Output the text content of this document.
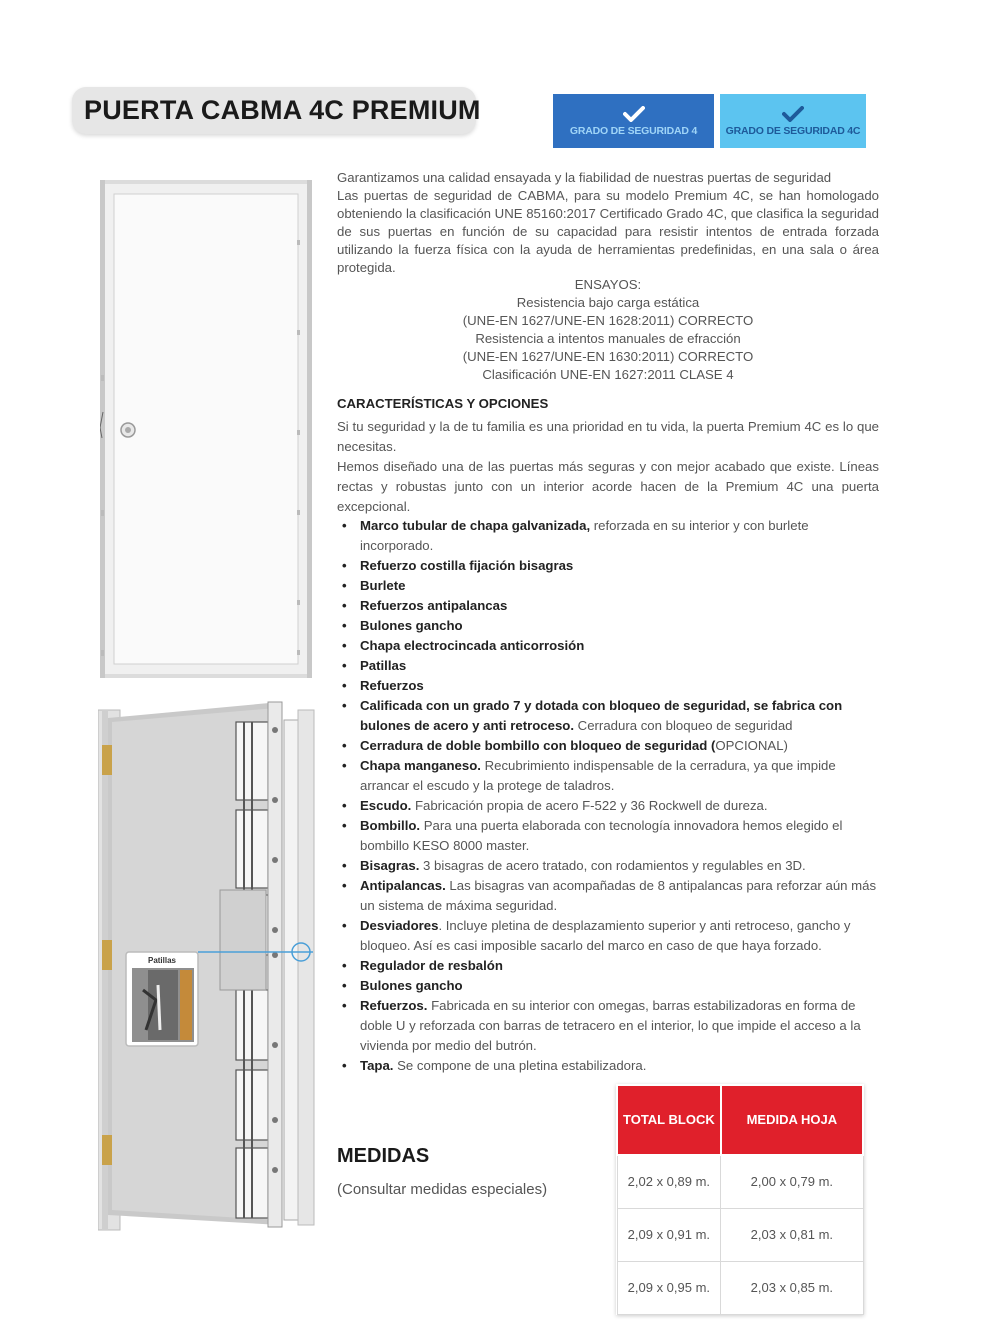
PUERTA CABMA 4C PREMIUM
GRADO DE SEGURIDAD 4	GRADO DE SEGURIDAD 4C
Patillas

Garantizamos una calidad ensayada y la fiabilidad de nuestras puertas de seguridad

Las puertas de seguridad de CABMA, para su modelo Premium 4C, se han homologado obteniendo la clasificación UNE 85160:2017 Certificado Grado 4C, que clasifica la seguridad de sus puertas en función de su capacidad para resistir intentos de entrada forzada utilizando la fuerza física con la ayuda de herramientas predefinidas, en una sala o área protegida.

ENSAYOS:
Resistencia bajo carga estática
(UNE-EN 1627/UNE-EN 1628:2011) CORRECTO
Resistencia a intentos manuales de efracción
(UNE-EN 1627/UNE-EN 1630:2011) CORRECTO
Clasificación UNE-EN 1627:2011 CLASE 4
CARACTERÍSTICAS Y OPCIONES

Si tu seguridad y la de tu familia es una prioridad en tu vida, la puerta Premium 4C es lo que necesitas.

Hemos diseñado una de las puertas más seguras y con mejor acabado que existe. Líneas rectas y robustas junto con un interior acorde hacen de la Premium 4C una puerta excepcional.

• Marco tubular de chapa galvanizada, reforzada en su interior y con burlete incorporado.
• Refuerzo costilla fijación bisagras
• Burlete
• Refuerzos antipalancas
• Bulones gancho
• Chapa electrocincada anticorrosión
• Patillas
• Refuerzos
• Calificada con un grado 7 y dotada con bloqueo de seguridad, se fabrica con bulones de acero y anti retroceso. Cerradura con bloqueo de seguridad
• Cerradura de doble bombillo con bloqueo de seguridad (OPCIONAL)
• Chapa manganeso. Recubrimiento indispensable de la cerradura, ya que impide arrancar el escudo y la protege de taladros.
• Escudo. Fabricación propia de acero F-522 y 36 Rockwell de dureza.
• Bombillo. Para una puerta elaborada con tecnología innovadora hemos elegido el bombillo KESO 8000 master.
• Bisagras. 3 bisagras de acero tratado, con rodamientos y regulables en 3D.
• Antipalancas. Las bisagras van acompañadas de 8 antipalancas para reforzar aún más un sistema de máxima seguridad.
• Desviadores. Incluye pletina de desplazamiento superior y anti retroceso, gancho y bloqueo. Así es casi imposible sacarlo del marco en caso de que haya forzado.
• Regulador de resbalón
• Bulones gancho
• Refuerzos. Fabricada en su interior con omegas, barras estabilizadoras en forma de doble U y reforzada con barras de tetracero en el interior, lo que impide el acceso a la vivienda por medio del butrón.
• Tapa. Se compone de una pletina estabilizadora.
MEDIDAS
(Consultar medidas especiales)
TOTAL BLOCK	MEDIDA HOJA
2,02 x 0,89 m.	2,00 x 0,79 m.
2,09 x 0,91 m.	2,03 x 0,81 m.
2,09 x 0,95 m.	2,03 x 0,85 m.
